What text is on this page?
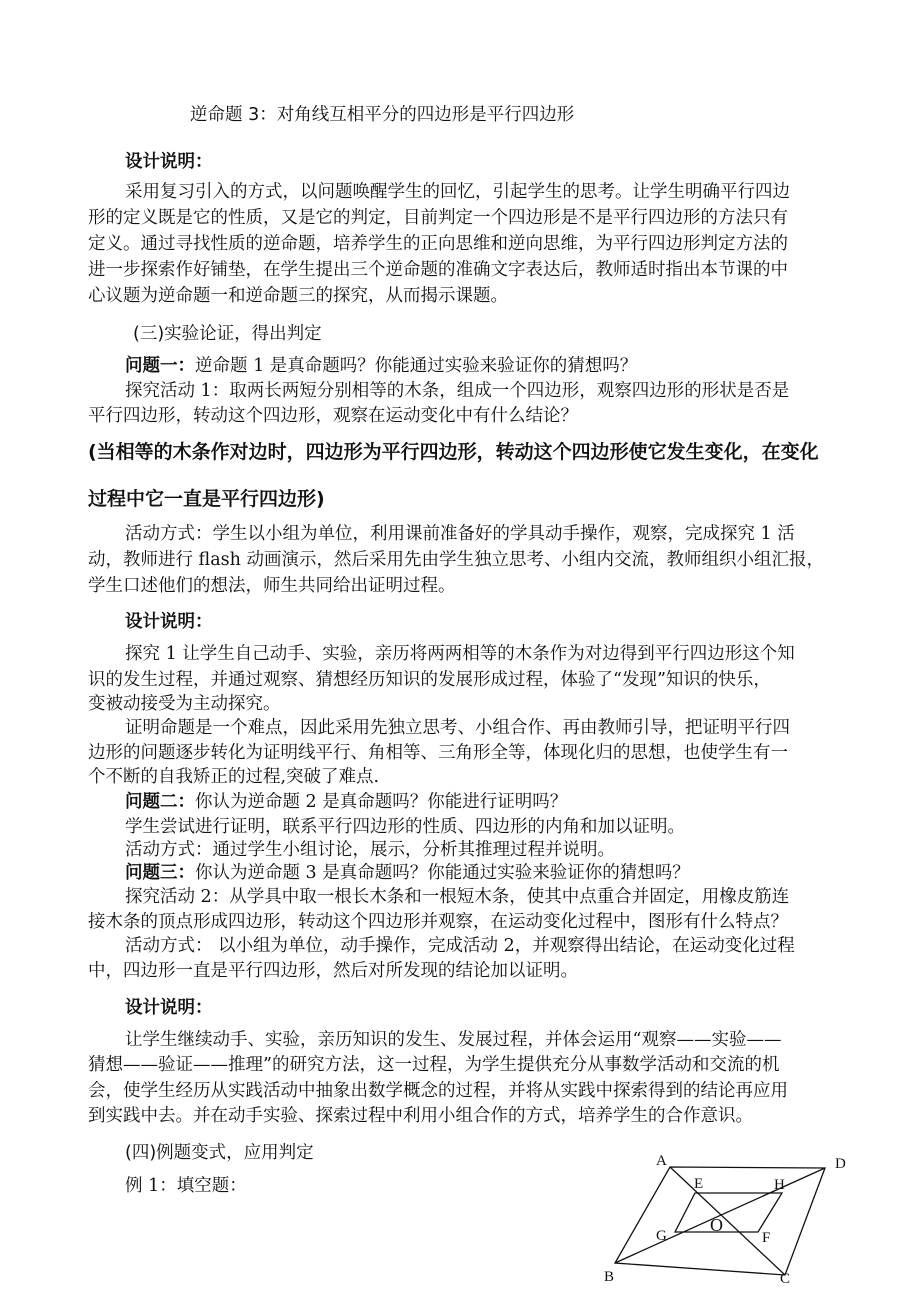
逆命题 3：对角线互相平分的四边形是平行四边形
设计说明：
采用复习引入的方式，以问题唤醒学生的回忆，引起学生的思考。让学生明确平行四边
形的定义既是它的性质，又是它的判定，目前判定一个四边形是不是平行四边形的方法只有
定义。通过寻找性质的逆命题，培养学生的正向思维和逆向思维，为平行四边形判定方法的
进一步探索作好铺垫，在学生提出三个逆命题的准确文字表达后，教师适时指出本节课的中
心议题为逆命题一和逆命题三的探究，从而揭示课题。
(三)实验论证，得出判定
问题一：逆命题 1 是真命题吗？你能通过实验来验证你的猜想吗？
探究活动 1：取两长两短分别相等的木条，组成一个四边形，观察四边形的形状是否是
平行四边形，转动这个四边形，观察在运动变化中有什么结论？
(当相等的木条作对边时，四边形为平行四边形，转动这个四边形使它发生变化，在变化
过程中它一直是平行四边形)
活动方式：学生以小组为单位，利用课前准备好的学具动手操作，观察，完成探究 1 活
动，教师进行 flash 动画演示，然后采用先由学生独立思考、小组内交流，教师组织小组汇报，
学生口述他们的想法，师生共同给出证明过程。
设计说明：
探究 1 让学生自己动手、实验，亲历将两两相等的木条作为对边得到平行四边形这个知
识的发生过程，并通过观察、猜想经历知识的发展形成过程，体验了“发现”知识的快乐，
变被动接受为主动探究。
证明命题是一个难点，因此采用先独立思考、小组合作、再由教师引导，把证明平行四
边形的问题逐步转化为证明线平行、角相等、三角形全等，体现化归的思想，也使学生有一
个不断的自我矫正的过程,突破了难点.
问题二：你认为逆命题 2 是真命题吗？你能进行证明吗？
学生尝试进行证明，联系平行四边形的性质、四边形的内角和加以证明。
活动方式：通过学生小组讨论，展示，分析其推理过程并说明。
问题三：你认为逆命题 3 是真命题吗？你能通过实验来验证你的猜想吗？
探究活动 2：从学具中取一根长木条和一根短木条，使其中点重合并固定，用橡皮筋连
接木条的顶点形成四边形，转动这个四边形并观察，在运动变化过程中，图形有什么特点？
活动方式： 以小组为单位，动手操作，完成活动 2，并观察得出结论，在运动变化过程
中，四边形一直是平行四边形，然后对所发现的结论加以证明。
设计说明：
让学生继续动手、实验，亲历知识的发生、发展过程，并体会运用“观察——实验——
猜想——验证——推理”的研究方法，这一过程，为学生提供充分从事数学活动和交流的机
会，使学生经历从实践活动中抽象出数学概念的过程，并将从实践中探索得到的结论再应用
到实践中去。并在动手实验、探索过程中利用小组合作的方式，培养学生的合作意识。
(四)例题变式，应用判定
例 1：填空题：
A	D
E	H
O
G	F
B	C
